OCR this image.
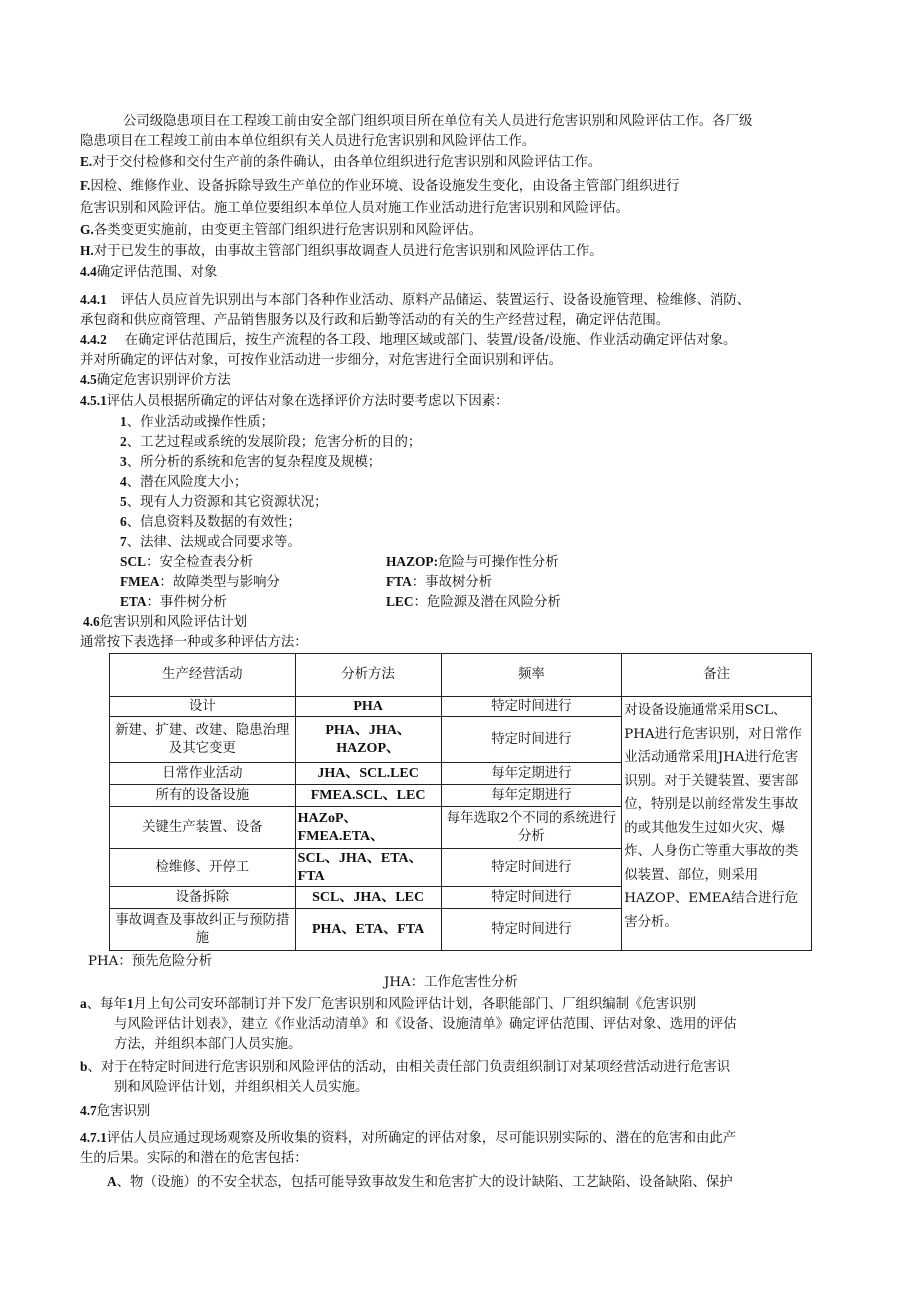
公司级隐患项目在工程竣工前由安全部门组织项目所在单位有关人员进行危害识别和风险评估工作。各厂级
隐患项目在工程竣工前由本单位组织有关人员进行危害识别和风险评估工作。
E.对于交付检修和交付生产前的条件确认，由各单位组织进行危害识别和风险评估工作。
F.因检、维修作业、设备拆除导致生产单位的作业环境、设备设施发生变化，由设备主管部门组织进行
危害识别和风险评估。施工单位要组织本单位人员对施工作业活动进行危害识别和风险评估。
G.各类变更实施前，由变更主管部门组织进行危害识别和风险评估。
H.对于已发生的事故，由事故主管部门组织事故调查人员进行危害识别和风险评估工作。
4.4确定评估范围、对象
4.4.1 评估人员应首先识别出与本部门各种作业活动、原料产品储运、装置运行、设备设施管理、检维修、消防、
承包商和供应商管理、产品销售服务以及行政和后勤等活动的有关的生产经营过程，确定评估范围。
4.4.2 在确定评估范围后，按生产流程的各工段、地理区域或部门、装置/设备/设施、作业活动确定评估对象。
并对所确定的评估对象，可按作业活动进一步细分，对危害进行全面识别和评估。
4.5确定危害识别评价方法
4.5.1评估人员根据所确定的评估对象在选择评价方法时要考虑以下因素：
1、作业活动或操作性质；
2、工艺过程或系统的发展阶段；危害分析的目的；
3、所分析的系统和危害的复杂程度及规模；
4、潜在风险度大小；
5、现有人力资源和其它资源状况；
6、信息资料及数据的有效性；
7、法律、法规或合同要求等。
SCL：安全检查表分析	HAZOP:危险与可操作性分析
FMEA：故障类型与影响分	FTA：事故树分析
ETA：事件树分析	LEC：危险源及潜在风险分析
4.6危害识别和风险评估计划
通常按下表选择一种或多种评估方法：
生产经营活动	分析方法	频率	备注
设计	PHA	特定时间进行	对设备设施通常采用SCL、PHA进行危害识别，对日常作业活动通常采用JHA进行危害识别。对于关键装置、要害部位，特别是以前经常发生事故的或其他发生过如火灾、爆炸、人身伤亡等重大事故的类似装置、部位，则采用HAZOP、EMEA结合进行危害分析。
新建、扩建、改建、隐患治理及其它变更	PHA、JHA、HAZOP、	特定时间进行	
日常作业活动	JHA、SCL.LEC	每年定期进行	
所有的设备设施	FMEA.SCL、LEC	每年定期进行	
关键生产装置、设备	HAZoP、FMEA.ETA、	每年选取2个不同的系统进行分析	
检维修、开停工	SCL、JHA、ETA、FTA	特定时间进行	
设备拆除	SCL、JHA、LEC	特定时间进行	
事故调查及事故纠正与预防措施	PHA、ETA、FTA	特定时间进行	
PHA：预先危险分析
JHA：工作危害性分析
a、每年1月上旬公司安环部制订并下发厂危害识别和风险评估计划，各职能部门、厂组织编制《危害识别
与风险评估计划表》，建立《作业活动清单》和《设备、设施清单》确定评估范围、评估对象、选用的评估
方法，并组织本部门人员实施。
b、对于在特定时间进行危害识别和风险评估的活动，由相关责任部门负责组织制订对某项经营活动进行危害识
别和风险评估计划，并组织相关人员实施。
4.7危害识别
4.7.1评估人员应通过现场观察及所收集的资料，对所确定的评估对象，尽可能识别实际的、潜在的危害和由此产
生的后果。实际的和潜在的危害包括：
A、物（设施）的不安全状态，包括可能导致事故发生和危害扩大的设计缺陷、工艺缺陷、设备缺陷、保护
